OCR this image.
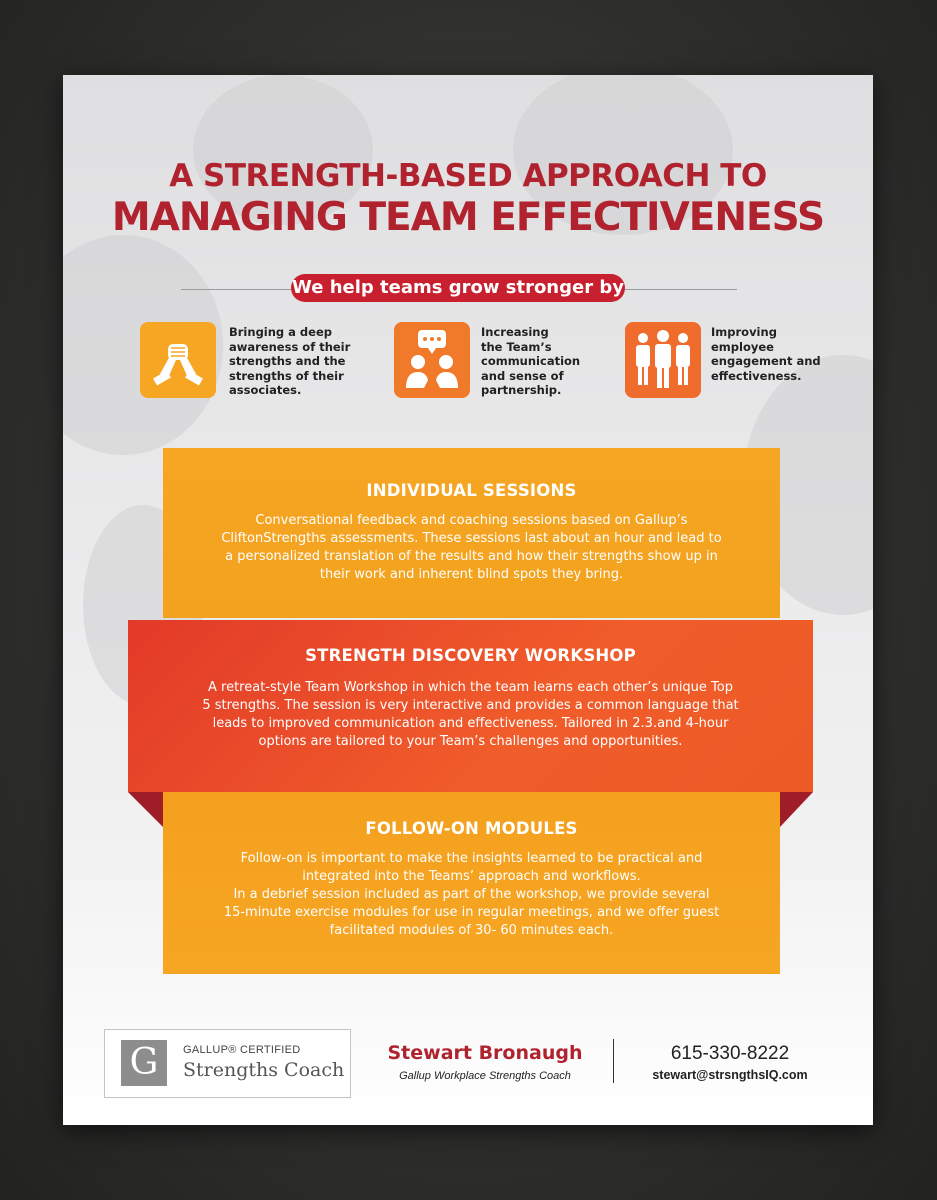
A STRENGTH-BASED APPROACH TO
MANAGING TEAM EFFECTIVENESS
We help teams grow stronger by
Bringing a deep
awareness of their
strengths and the
strengths of their
associates.
Increasing
the Team’s
communication
and sense of
partnership.
Improving
employee
engagement and
effectiveness.
INDIVIDUAL SESSIONS

Conversational feedback and coaching sessions based on Gallup’s
CliftonStrengths assessments. These sessions last about an hour and lead to
a personalized translation of the results and how their strengths show up in
their work and inherent blind spots they bring.

FOLLOW-ON MODULES

Follow-on is important to make the insights learned to be practical and
integrated into the Teams’ approach and workflows.
In a debrief session included as part of the workshop, we provide several
15-minute exercise modules for use in regular meetings, and we offer guest
facilitated modules of 30- 60 minutes each.

STRENGTH DISCOVERY WORKSHOP

A retreat-style Team Workshop in which the team learns each other’s unique Top
5 strengths. The session is very interactive and provides a common language that
leads to improved communication and effectiveness. Tailored in 2.3.and 4-hour
options are tailored to your Team’s challenges and opportunities.

G	GALLUP® CERTIFIED
Strengths Coach
Stewart Bronaugh
Gallup Workplace Strengths Coach
615-330-8222
stewart@strsngthsIQ.com
